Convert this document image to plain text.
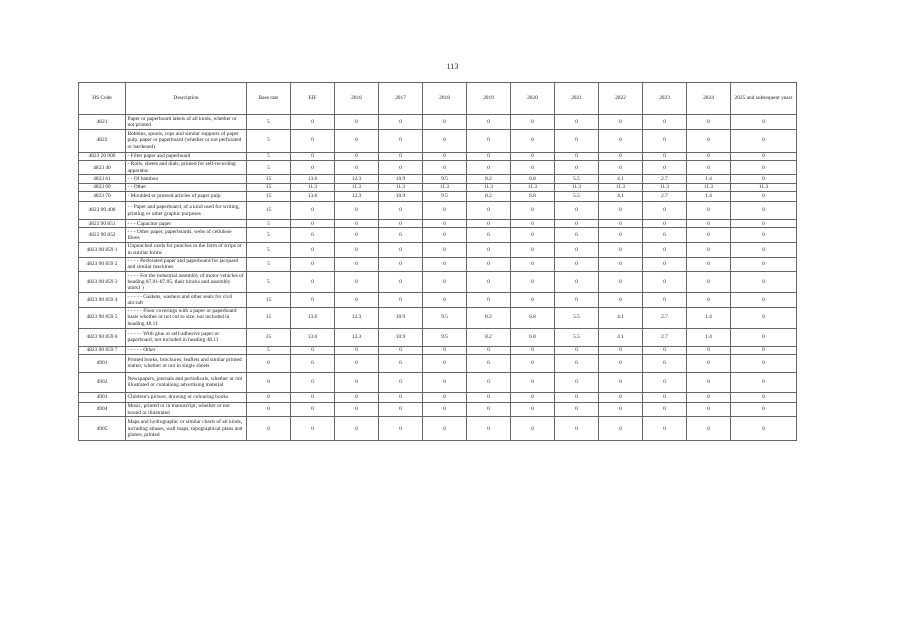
113
HS Code	Description	Base rate	EIF	2016	2017	2018	2019	2020	2021	2022	2023	2024	2025 and subsequent years
4821	Paper or paperboard labels of all kinds, whether or not printed	5	0	0	0	0	0	0	0	0	0	0	0
4822	Bobbins, spools, cops and similar supports of paper pulp, paper or paperboard (whether or not perforated or hardened)	5	0	0	0	0	0	0	0	0	0	0	0
4823 20 000	- Filter paper and paperboard	5	0	0	0	0	0	0	0	0	0	0	0
4823 40	- Rolls, sheets and dials, printed for self-recording apparatus	5	0	0	0	0	0	0	0	0	0	0	0
4823 61	- - Of bamboo	15	13.6	12.3	10.9	9.5	8.2	6.8	5.5	4.1	2.7	1.4	0
4823 69	- - Other	15	11.3	11.3	11.3	11.3	11.3	11.3	11.3	11.3	11.3	11.3	11.3
4823 70	- Moulded or pressed articles of paper pulp	15	13.6	12.3	10.9	9.5	8.2	6.8	5.5	4.1	2.7	1.4	0
4823 90 400	- - Paper and paperboard, of a kind used for writing, printing or other graphic purposes	15	0	0	0	0	0	0	0	0	0	0	0
4823 90 851	- - - Capacitor paper	5	0	0	0	0	0	0	0	0	0	0	0
4823 90 852	- - - Other paper, paperboards, webs of cellulose fibres	5	0	0	0	0	0	0	0	0	0	0	0
4823 90 859 1	Unpunched cards for punches in the form of strips or in similar forms	5	0	0	0	0	0	0	0	0	0	0	0
4823 90 859 2	- - - - Perforated paper and paperboard for jacquard and similar machines	5	0	0	0	0	0	0	0	0	0	0	0
4823 90 859 3	- - - - For the industrial assembly of motor vehicles of heading 87.01-87.05, their blocks and assembly units1 )	5	0	0	0	0	0	0	0	0	0	0	0
4823 90 859 4	- - - - - Gaskets, washers and other seals for civil aircraft	15	0	0	0	0	0	0	0	0	0	0	0
4823 90 859 5	- - - - - Floor coverings with a paper or paperboard basis whether or not cut to size, not included in heading 48.11	15	13.6	12.3	10.9	9.5	8.2	6.8	5.5	4.1	2.7	1.4	0
4823 90 859 6	- - - - - With glue or self-adhesive paper or paperboard, not included in heading 48.11	15	13.6	12.3	10.9	9.5	8.2	6.8	5.5	4.1	2.7	1.4	0
4823 90 859 7	- - - - - Other	5	0	0	0	0	0	0	0	0	0	0	0
4901	Printed books, brochures, leaflets and similar printed matter, whether or not in single sheets	0	0	0	0	0	0	0	0	0	0	0	0
4902	Newspapers, journals and periodicals, whether or not illustrated or containing advertising material	0	0	0	0	0	0	0	0	0	0	0	0
4903	Children's picture, drawing or colouring books	0	0	0	0	0	0	0	0	0	0	0	0
4904	Music, printed or in manuscript, whether or not bound or illustrated	0	0	0	0	0	0	0	0	0	0	0	0
4905	Maps and hydrographic or similar charts of all kinds, including atlases, wall maps, topographical plans and globes, printed	0	0	0	0	0	0	0	0	0	0	0	0
